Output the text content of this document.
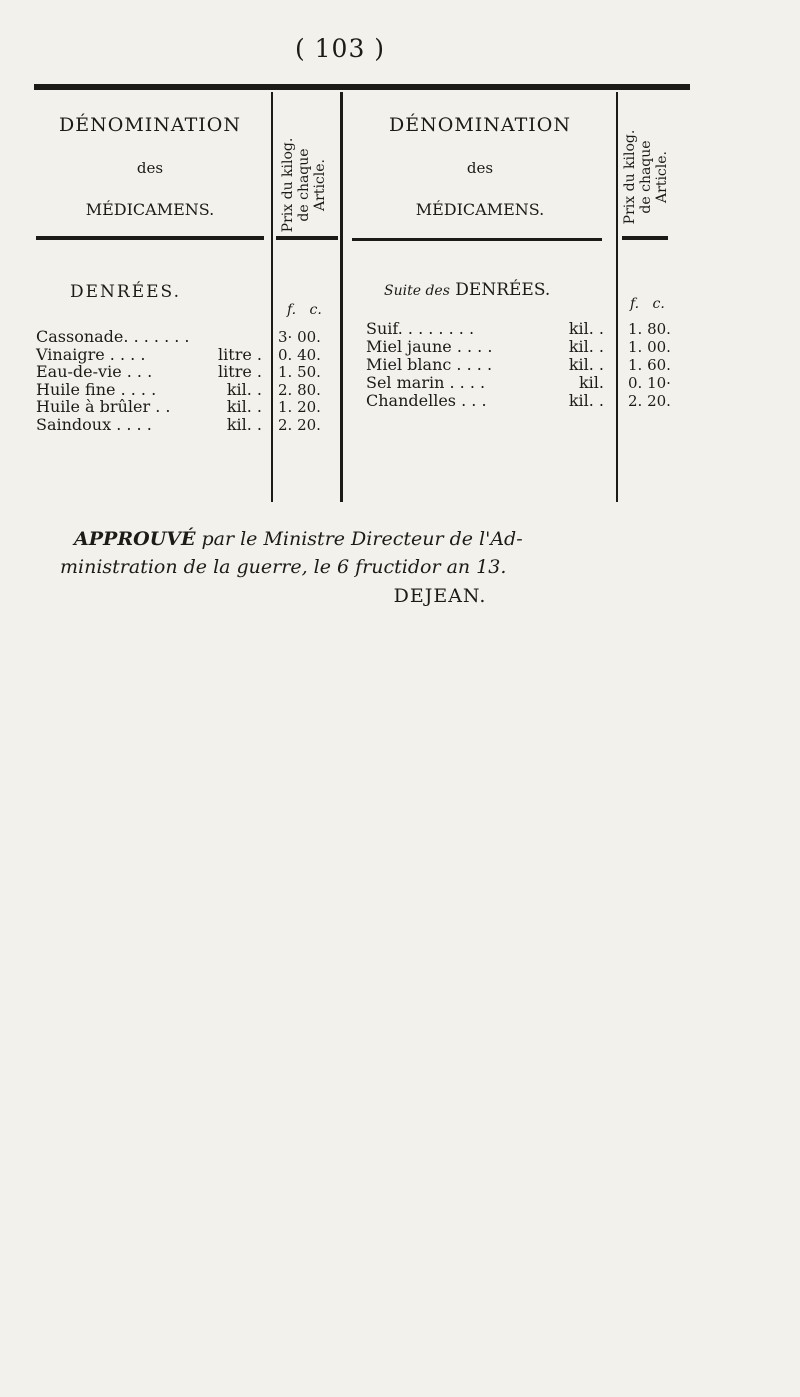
( 103 )
DÉNOMINATION
des
MÉDICAMENS.	Prix du kilog. de chaque Article.
DÉNOMINATION
des
MÉDICAMENS.	Prix du kilog. de chaque Article.
DENRÉES.
f.   c.
Cassonade. . . . . . .	3· 00.
Vinaigre . . . .	litre . 0. 40.
Eau-de-vie . . .	litre . 1. 50.
Huile fine . . . .	kil. . 2. 80.
Huile à brûler . .	kil. . 1. 20.
Saindoux . . . .	kil. . 2. 20.
Suite des DENRÉES.
f.   c.
Suif. . . . . . . .	kil. . 1. 80.
Miel jaune . . . .	kil. . 1. 00.
Miel blanc . . . .	kil. . 1. 60.
Sel marin . . . .	kil. 0. 10·
Chandelles . . .	kil. . 2. 20.
APPROUVÉ par le Ministre Directeur de l'Ad-
ministration de la guerre, le 6 fructidor an 13.
DEJEAN.
